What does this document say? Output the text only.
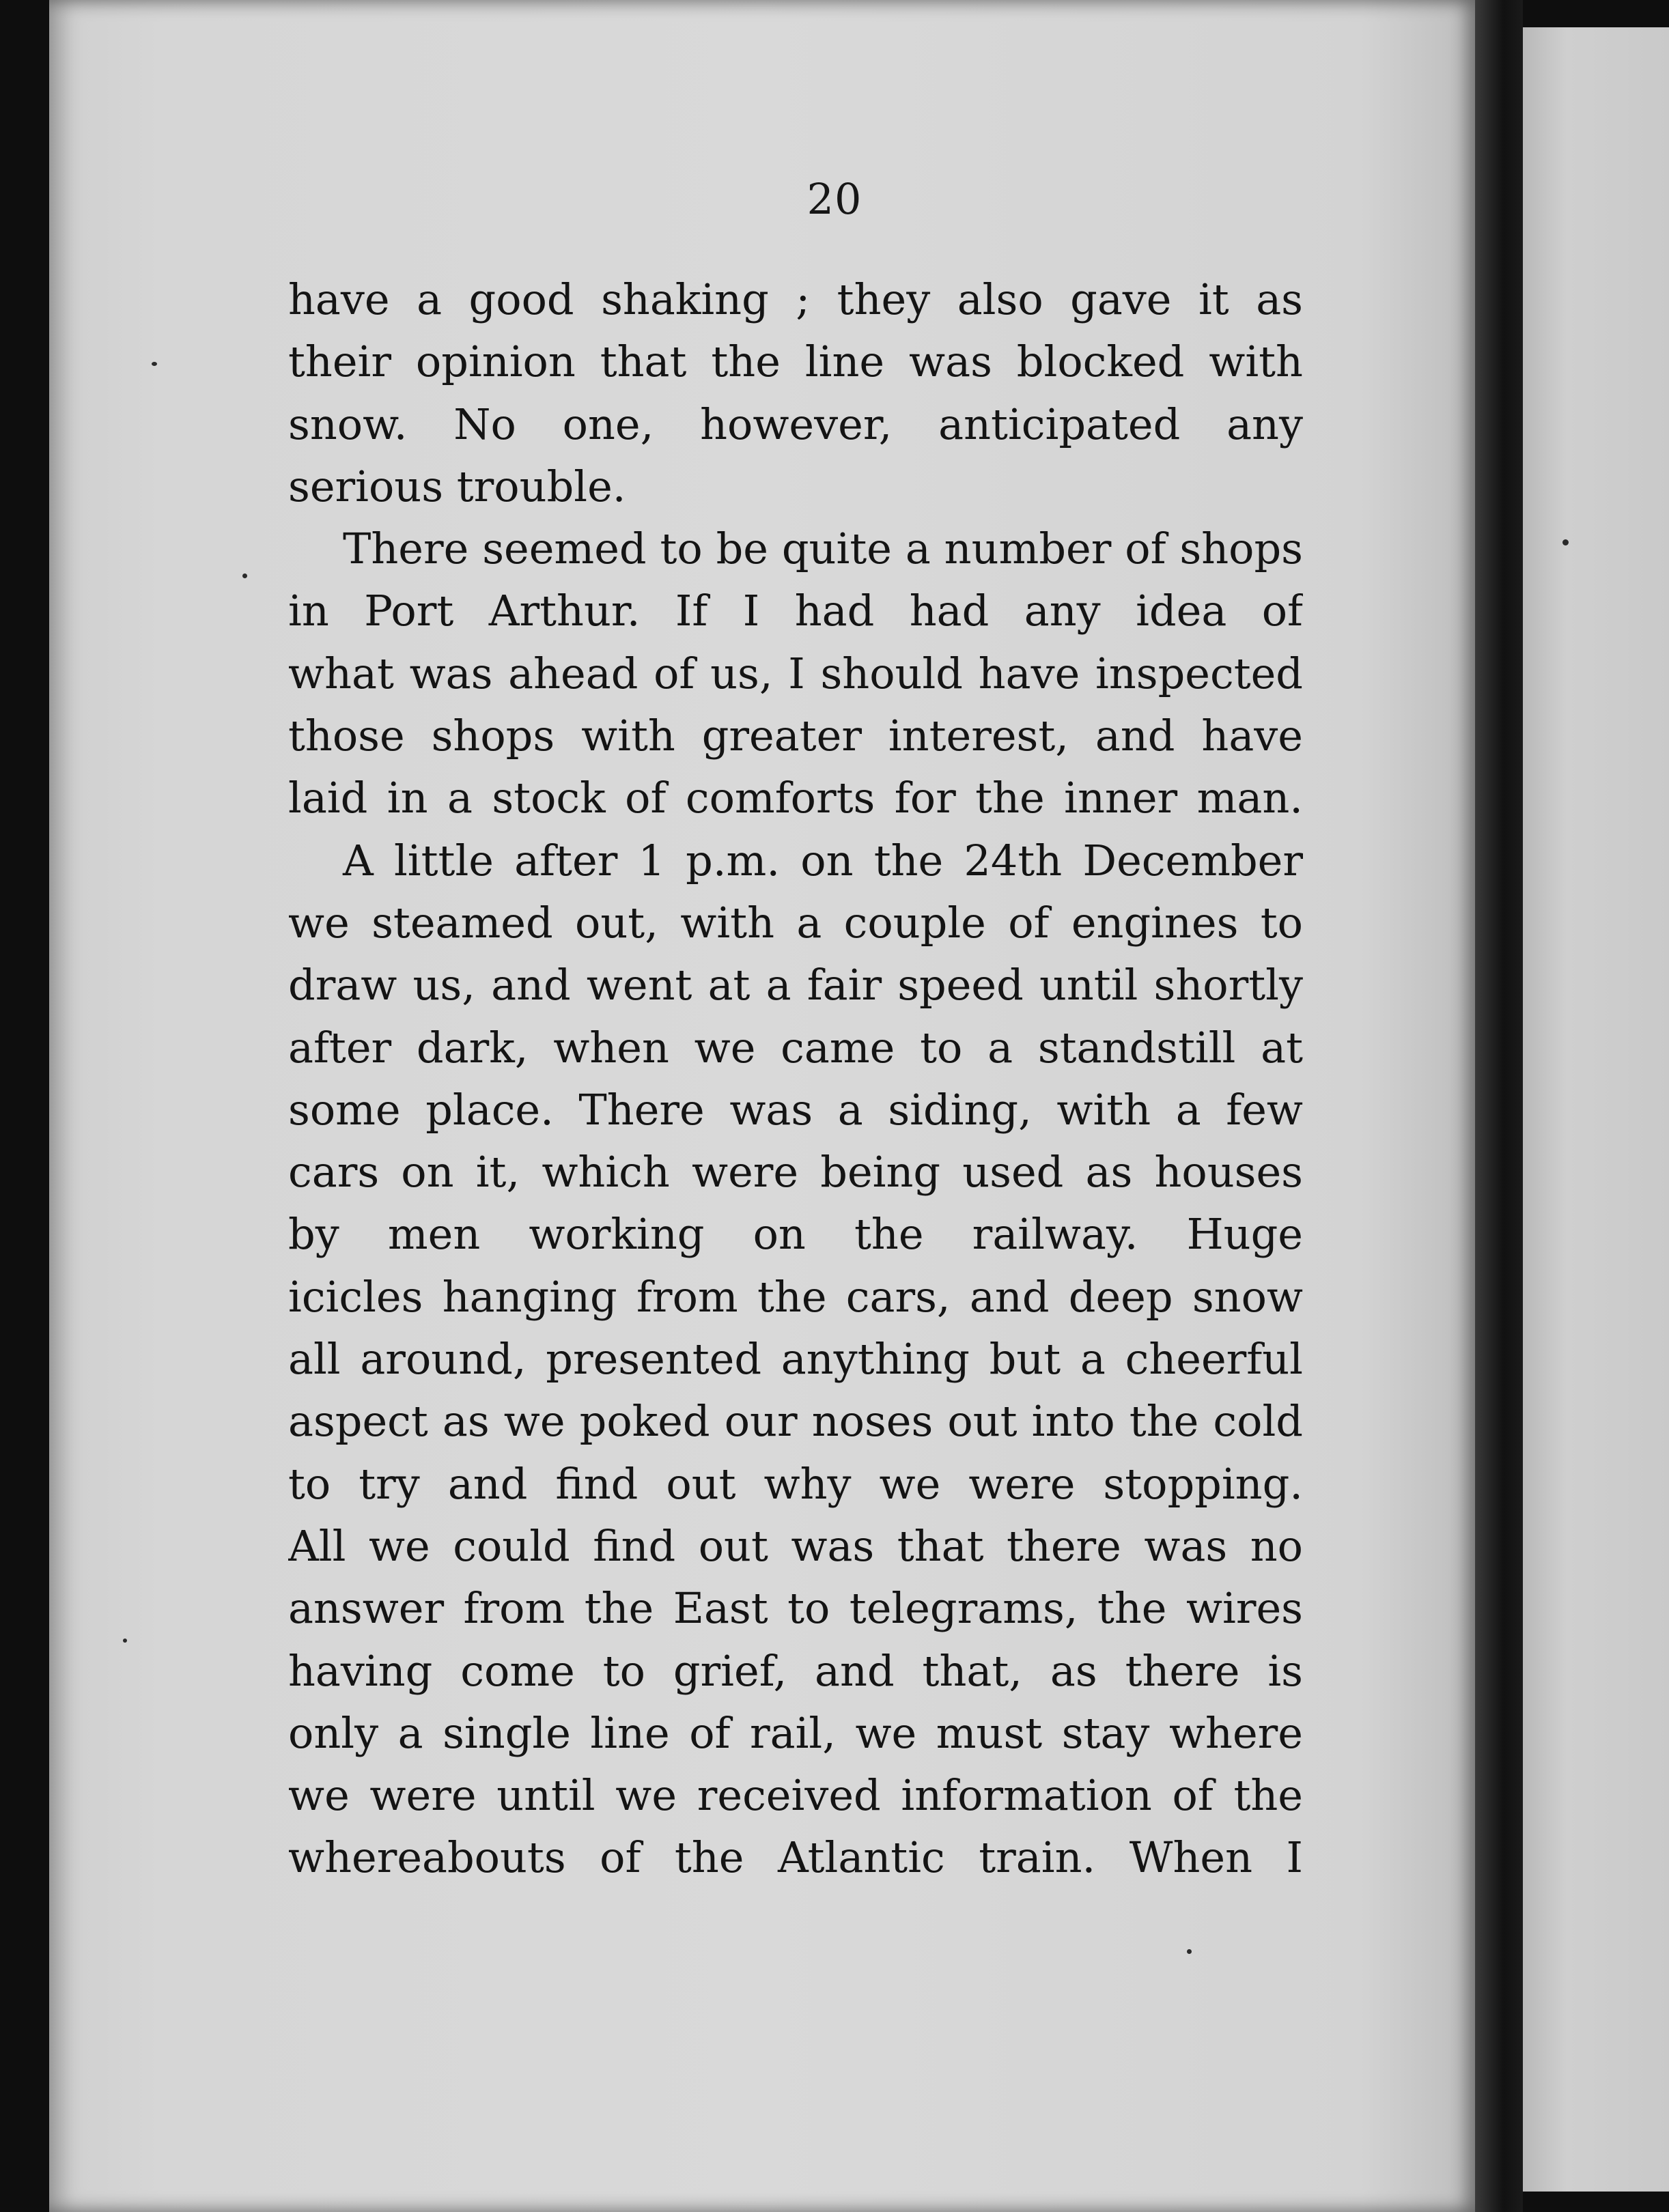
20
have a good shaking ; they also gave it as
their opinion that the line was blocked with
snow. No one, however, anticipated any
serious trouble.
There seemed to be quite a number of shops
in Port Arthur. If I had had any idea of
what was ahead of us, I should have inspected
those shops with greater interest, and have
laid in a stock of comforts for the inner man.
A little after 1 p.m. on the 24th December
we steamed out, with a couple of engines to
draw us, and went at a fair speed until shortly
after dark, when we came to a standstill at
some place. There was a siding, with a few
cars on it, which were being used as houses
by men working on the railway. Huge
icicles hanging from the cars, and deep snow
all around, presented anything but a cheerful
aspect as we poked our noses out into the cold
to try and find out why we were stopping.
All we could find out was that there was no
answer from the East to telegrams, the wires
having come to grief, and that, as there is
only a single line of rail, we must stay where
we were until we received information of the
whereabouts of the Atlantic train. When I
